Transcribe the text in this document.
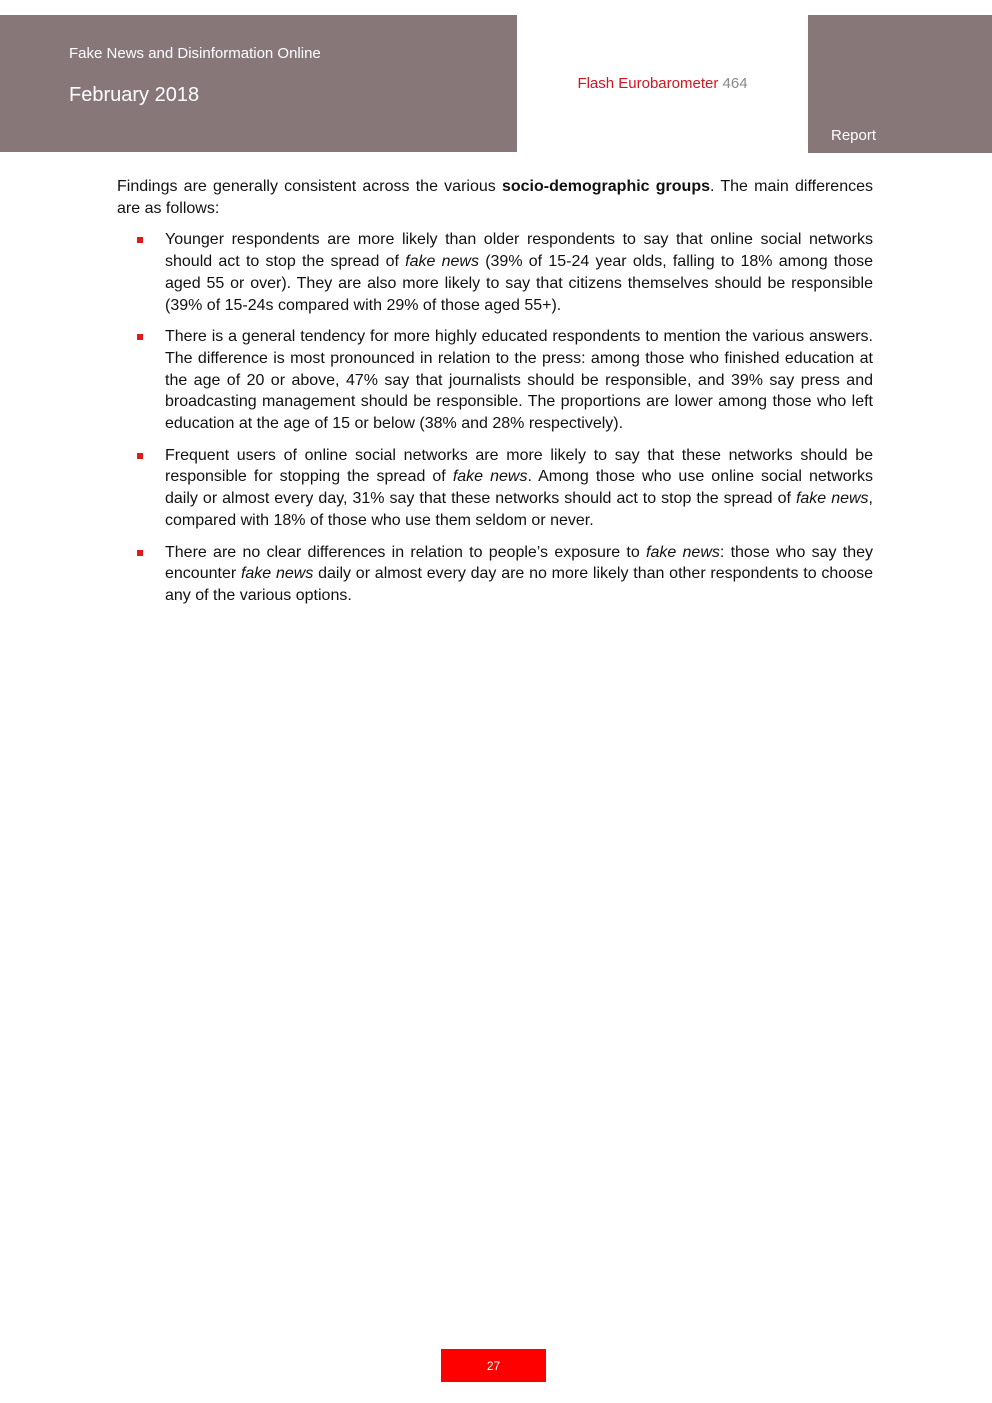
Fake News and Disinformation Online
February 2018
Flash Eurobarometer 464
Report

Findings are generally consistent across the various socio-demographic groups. The main differences are as follows:

Younger respondents are more likely than older respondents to say that online social networks should act to stop the spread of fake news (39% of 15-24 year olds, falling to 18% among those aged 55 or over). They are also more likely to say that citizens themselves should be responsible (39% of 15-24s compared with 29% of those aged 55+).
There is a general tendency for more highly educated respondents to mention the various answers. The difference is most pronounced in relation to the press: among those who finished education at the age of 20 or above, 47% say that journalists should be responsible, and 39% say press and broadcasting management should be responsible. The proportions are lower among those who left education at the age of 15 or below (38% and 28% respectively).
Frequent users of online social networks are more likely to say that these networks should be responsible for stopping the spread of fake news. Among those who use online social networks daily or almost every day, 31% say that these networks should act to stop the spread of fake news, compared with 18% of those who use them seldom or never.
There are no clear differences in relation to people’s exposure to fake news: those who say they encounter fake news daily or almost every day are no more likely than other respondents to choose any of the various options.
27
